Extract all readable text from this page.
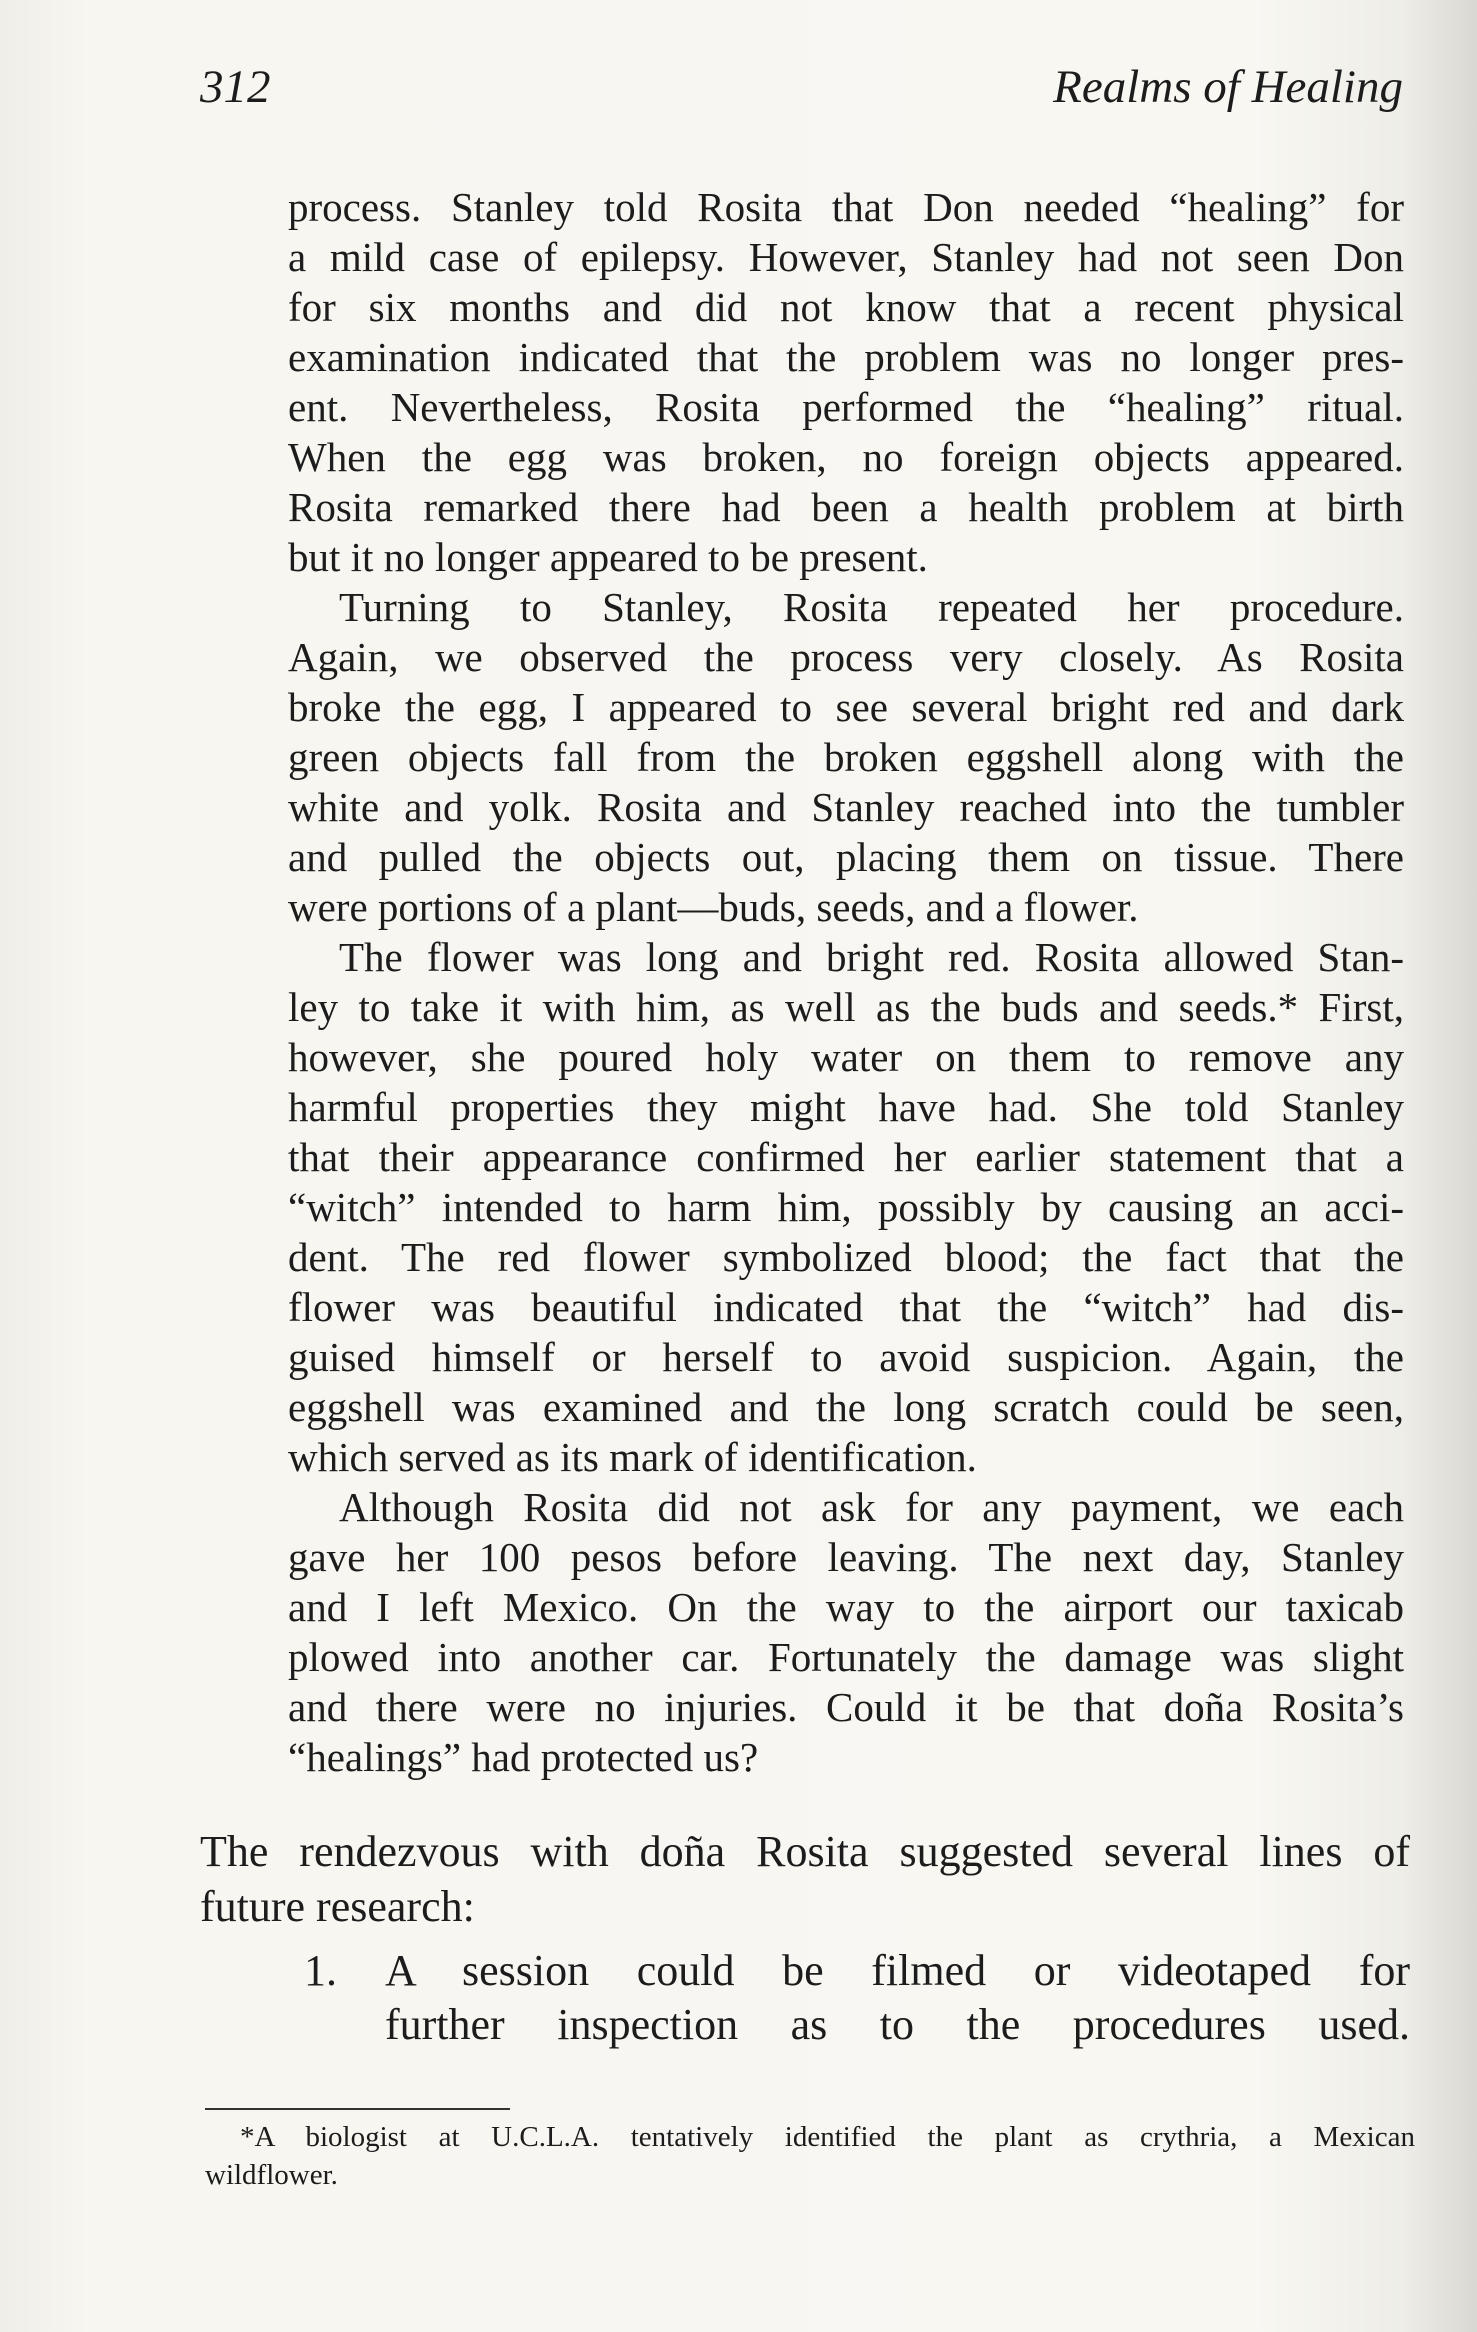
312	Realms of Healing
process. Stanley told Rosita that Don needed “healing” for
a mild case of epilepsy. However, Stanley had not seen Don
for six months and did not know that a recent physical
examination indicated that the problem was no longer pres-
ent. Nevertheless, Rosita performed the “healing” ritual.
When the egg was broken, no foreign objects appeared.
Rosita remarked there had been a health problem at birth
but it no longer appeared to be present.
Turning to Stanley, Rosita repeated her procedure.
Again, we observed the process very closely. As Rosita
broke the egg, I appeared to see several bright red and dark
green objects fall from the broken eggshell along with the
white and yolk. Rosita and Stanley reached into the tumbler
and pulled the objects out, placing them on tissue. There
were portions of a plant—buds, seeds, and a flower.
The flower was long and bright red. Rosita allowed Stan-
ley to take it with him, as well as the buds and seeds.* First,
however, she poured holy water on them to remove any
harmful properties they might have had. She told Stanley
that their appearance confirmed her earlier statement that a
“witch” intended to harm him, possibly by causing an acci-
dent. The red flower symbolized blood; the fact that the
flower was beautiful indicated that the “witch” had dis-
guised himself or herself to avoid suspicion. Again, the
eggshell was examined and the long scratch could be seen,
which served as its mark of identification.
Although Rosita did not ask for any payment, we each
gave her 100 pesos before leaving. The next day, Stanley
and I left Mexico. On the way to the airport our taxicab
plowed into another car. Fortunately the damage was slight
and there were no injuries. Could it be that doña Rosita’s
“healings” had protected us?
The rendezvous with doña Rosita suggested several lines of
future research:
1. A session could be filmed or videotaped for
further inspection as to the procedures used.
*A biologist at U.C.L.A. tentatively identified the plant as crythria, a Mexican
wildflower.
